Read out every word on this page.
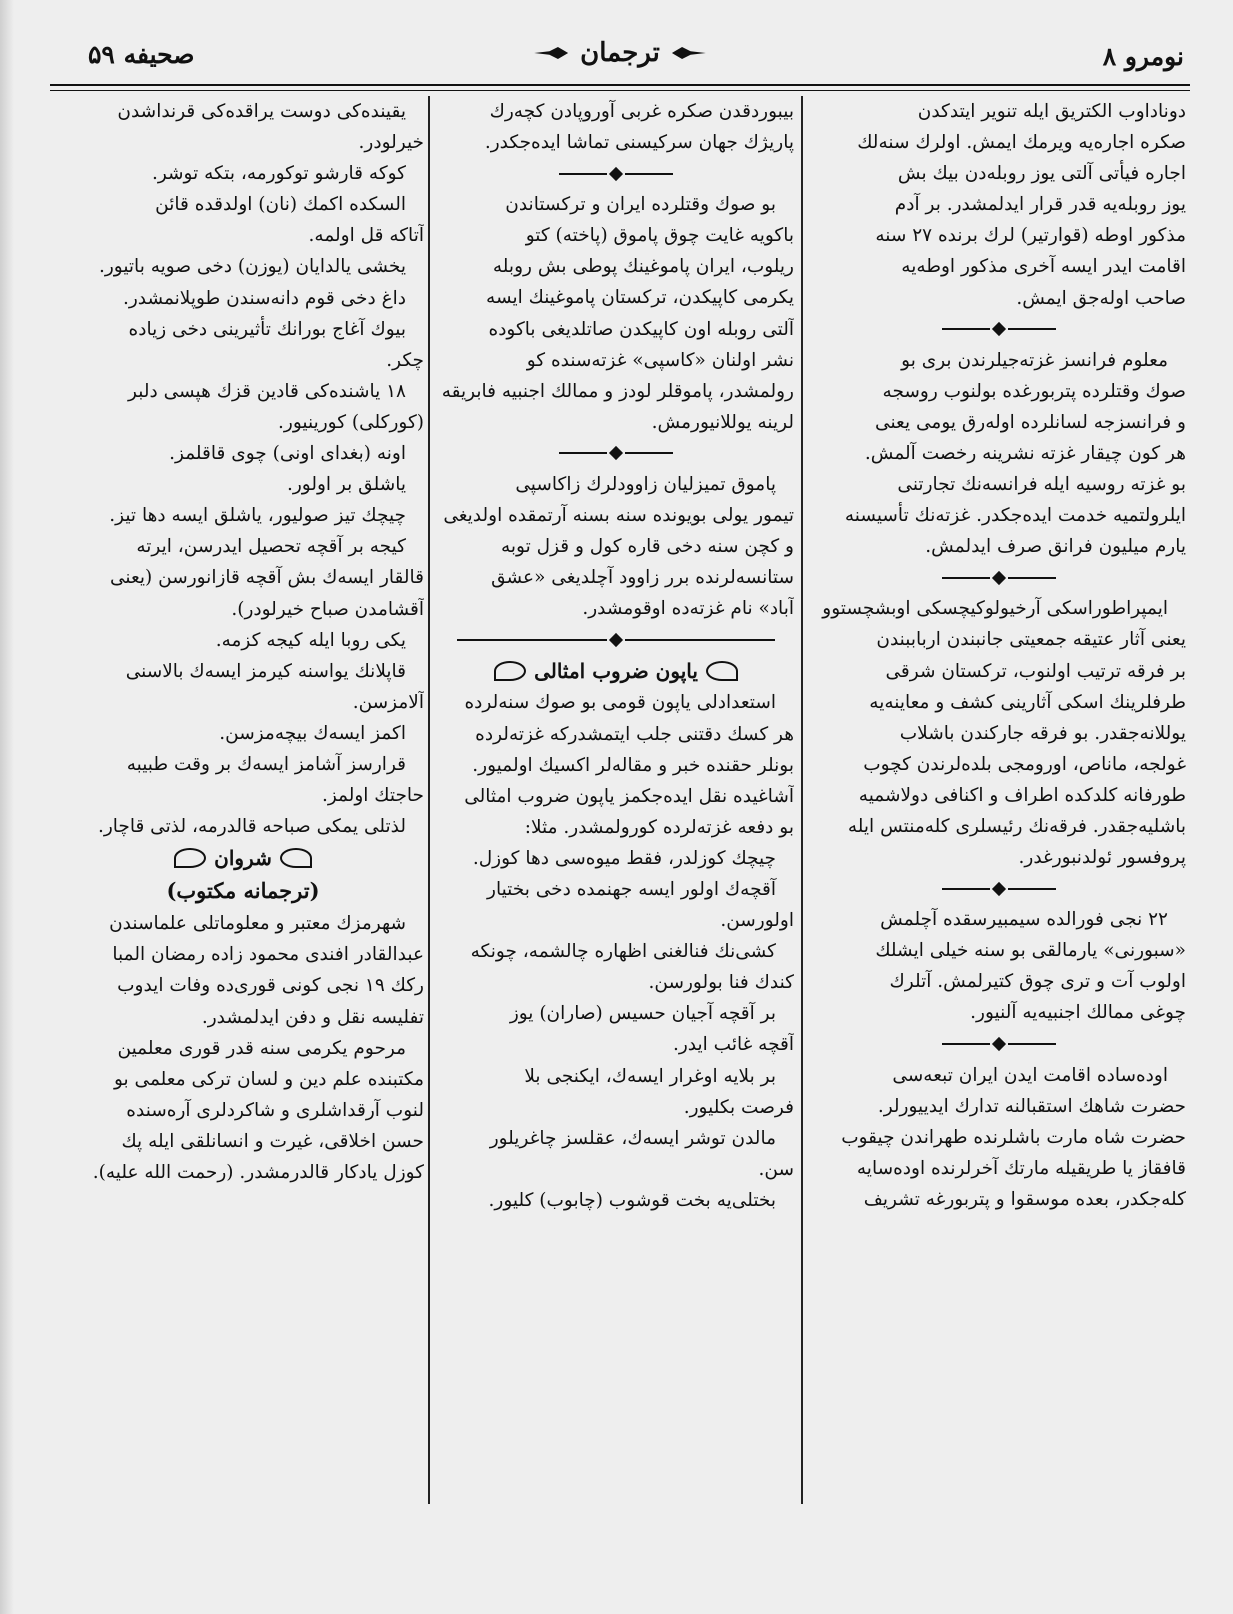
نومرو ۸
ترجمان
صحیفه ۵۹
دوناداوب الکتریق ایله تنویر ایتدکدن
صکره اجاره‌یه ویرمك ایمش. اولرك سنه‌لك
اجاره فیأتی آلتی یوز روبله‌دن بیك بش
یوز روبله‌یه قدر قرار ایدلمشدر. بر آدم
مذکور اوطه (قوارتیر) لرك برنده ۲۷ سنه
اقامت ایدر ایسه آخری مذکور اوطه‌یه
صاحب اوله‌جق ایمش.
معلوم فرانسز غزته‌جیلرندن بری بو
صوك وقتلرده پتربورغده بولنوب روسجه
و فرانسزجه لسانلرده اوله‌رق یومی یعنی
هر کون چیقار غزته نشرینه رخصت آلمش.
بو غزته روسیه ایله فرانسه‌نك تجارتنی
ایلرولتمیه خدمت ایده‌جکدر. غزته‌نك تأسیسنه
یارم میلیون فرانق صرف ایدلمش.
ایمپراطوراسکی آرخیولوکیچسکی اوبشچستوو
یعنی آثار عتیقه جمعیتی جانبندن ارباببندن
بر فرقه ترتیب اولنوب، ترکستان شرقی
طرفلرینك اسکی آثارینی کشف و معاینه‌یه
یوللانه‌جقدر. بو فرقه جارکندن باشلاب
غولجه، ماناص، اورومجی بلده‌لرندن کچوب
طورفانه کلدکده اطراف و اکنافی دولاشمیه
باشلیه‌جقدر. فرقه‌نك رئیسلری کله‌منتس ایله
پروفسور ئولدنبورغدر.
۲۲ نجی فورالده سیمبیرسقده آچلمش
«سبورنی» یارمالقی بو سنه خیلی ایشلك
اولوب آت و تری چوق کتیرلمش. آتلرك
چوغی ممالك اجنبیه‌یه آلنیور.
اوده‌ساده اقامت ایدن ایران تبعه‌سی
حضرت شاهك استقبالنه تدارك ایدییورلر.
حضرت شاه مارت باشلرنده طهراندن چیقوب
قافقاز یا طریقیله مارتك آخرلرنده اوده‌سایه
کله‌جکدر، بعده موسقوا و پتربورغه تشریف
بیبوردقدن صکره غربی آوروپادن کچه‌رك
پاریژك جهان سرکیسنی تماشا ایده‌جکدر.
بو صوك وقتلرده ایران و ترکستاندن
باکویه غایت چوق پاموق (پاخته) کتو
ریلوب، ایران پاموغینك پوطی بش روبله
یکرمی کاپیکدن، ترکستان پاموغینك ایسه
آلتی روبله اون کاپیکدن صاتلدیغی باکوده
نشر اولنان «کاسپی» غزته‌سنده کو
رولمشدر، پاموقلر لودز و ممالك اجنبیه فابریقه
لرینه یوللانیورمش.
پاموق تمیزلیان زاوودلرك زاکاسپی
تیمور یولی بویونده سنه بسنه آرتمقده اولدیغی
و کچن سنه دخی قاره کول و قزل توبه
ستانسه‌لرنده برر زاوود آچلدیغی «عشق
آباد» نام غزته‌ده اوقومشدر.
یاپون ضروب امثالی
استعدادلی یاپون قومی بو صوك سنه‌لرده
هر کسك دقتنی جلب ایتمشدرکه غزته‌لرده
بونلر حقنده خبر و مقاله‌لر اکسیك اولمیور.
آشاغیده نقل ایده‌جکمز یاپون ضروب امثالی
بو دفعه غزته‌لرده کورولمشدر. مثلا:
چیچك کوزلدر، فقط میوه‌سی دها کوزل.
آقچه‌ك اولور ایسه جهنمده دخی بختیار
اولورسن.
کشی‌نك فنالغنی اظهاره چالشمه، چونکه
کندك فنا بولورسن.
بر آقچه آجیان حسیس (صاران) یوز
آقچه غائب ایدر.
بر بلایه اوغرار ایسه‌ك، ایکنجی بلا
فرصت بکلیور.
مالدن توشر ایسه‌ك، عقلسز چاغریلور
سن.
بختلی‌یه بخت قوشوب (چابوب) کلیور.
یقینده‌کی دوست یراقده‌کی قرنداشدن
خیرلودر.
کوکه قارشو توکورمه، بتکه توشر.
السکده اکمك (نان) اولدقده قائن
آتاکه قل اولمه.
یخشی یالدایان (یوزن) دخی صویه باتیور.
داغ دخی قوم دانه‌سندن طوپلانمشدر.
بیوك آغاج بورانك تأثیرینی دخی زیاده
چکر.
۱۸ یاشنده‌کی قادین قزك هپسی دلبر
(کورکلی) کورینیور.
اونه (بغدای اونی) چوی قاقلمز.
یاشلق بر اولور.
چیچك تیز صولیور، یاشلق ایسه دها تیز.
کیجه بر آقچه تحصیل ایدرسن، ایرته
قالقار ایسه‌ك بش آقچه قازانورسن (یعنی
آقشامدن صباح خیرلودر).
یکی روبا ایله کیجه کزمه.
قاپلانك یواسنه کیرمز ایسه‌ك بالاسنی
آلامزسن.
اکمز ایسه‌ك بیچه‌مزسن.
قرارسز آشامز ایسه‌ك بر وقت طبیبه
حاجتك اولمز.
لذتلی یمکی صباحه قالدرمه، لذتی قاچار.
شروان
(ترجمانه مکتوب)
شهرمزك معتبر و معلوماتلی علماسندن
عبدالقادر افندی محمود زاده رمضان المبا
رکك ۱۹ نجی کونی قوری‌ده وفات ایدوب
تفلیسه نقل و دفن ایدلمشدر.
مرحوم یکرمی سنه قدر قوری معلمین
مکتبنده علم دین و لسان ترکی معلمی بو
لنوب آرقداشلری و شاکردلری آره‌سنده
حسن اخلاقی، غیرت و انسانلقی ایله پك
کوزل یادکار قالدرمشدر. (رحمت الله علیه).
